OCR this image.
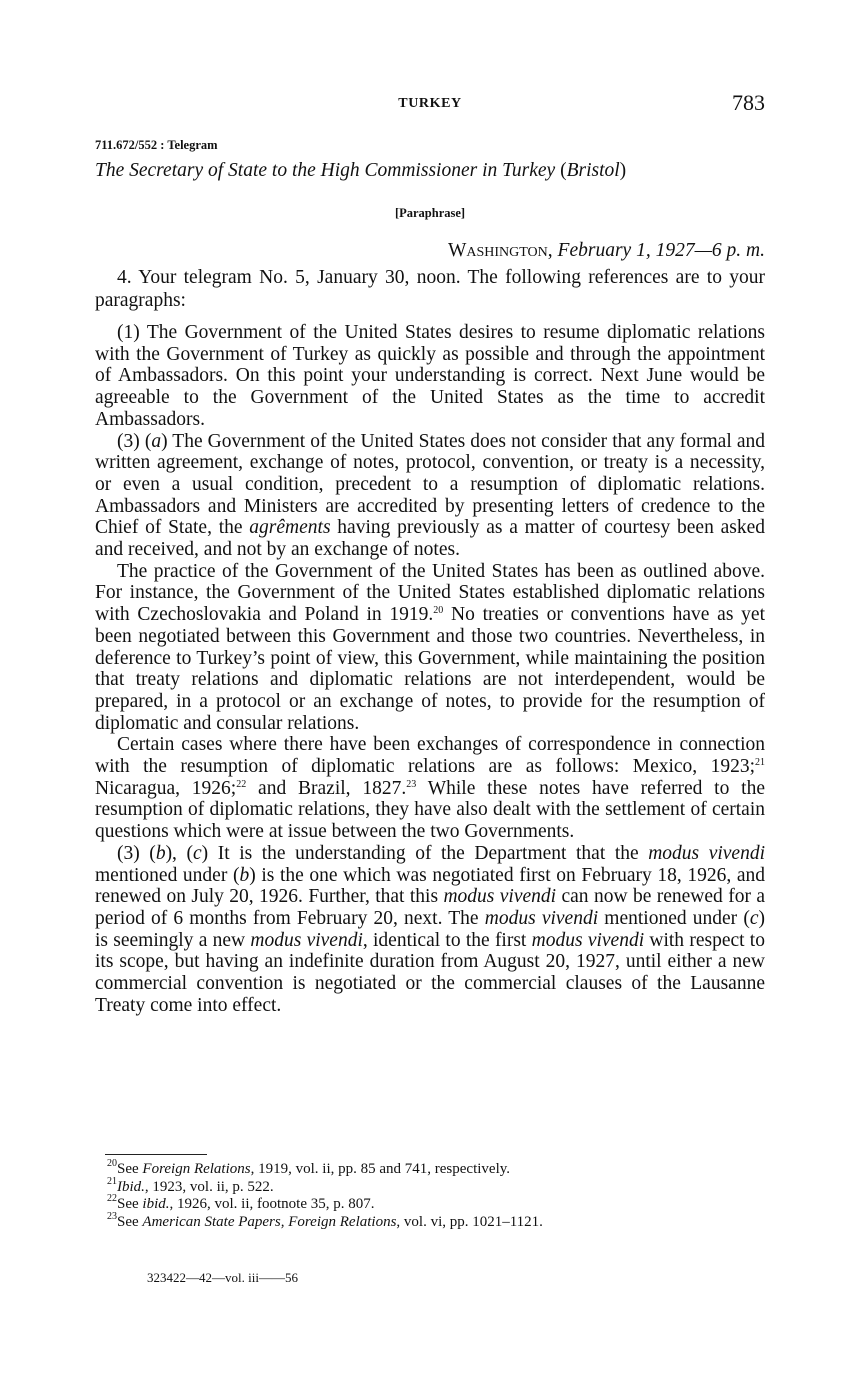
TURKEY	783
711.672/552 : Telegram
The Secretary of State to the High Commissioner in Turkey (Bristol)
[Paraphrase]
Washington, February 1, 1927—6 p. m.

4. Your telegram No. 5, January 30, noon. The following references are to your paragraphs:

(1) The Government of the United States desires to resume diplomatic relations with the Government of Turkey as quickly as possible and through the appointment of Ambassadors. On this point your understanding is correct. Next June would be agreeable to the Government of the United States as the time to accredit Ambassadors.

(3) (a) The Government of the United States does not consider that any formal and written agreement, exchange of notes, protocol, convention, or treaty is a necessity, or even a usual condition, precedent to a resumption of diplomatic relations. Ambassadors and Ministers are accredited by presenting letters of credence to the Chief of State, the agrêments having previously as a matter of courtesy been asked and received, and not by an exchange of notes.

The practice of the Government of the United States has been as outlined above. For instance, the Government of the United States established diplomatic relations with Czechoslovakia and Poland in 1919.20 No treaties or conventions have as yet been negotiated between this Government and those two countries. Nevertheless, in deference to Turkey’s point of view, this Government, while maintaining the position that treaty relations and diplomatic relations are not interdependent, would be prepared, in a protocol or an exchange of notes, to provide for the resumption of diplomatic and consular relations.

Certain cases where there have been exchanges of correspondence in connection with the resumption of diplomatic relations are as follows: Mexico, 1923;$^{21}$ Nicaragua, 1926;$^{22}$ and Brazil, 1827.23 While these notes have referred to the resumption of diplomatic relations, they have also dealt with the settlement of certain questions which were at issue between the two Governments.

(3) (b), (c) It is the understanding of the Department that the modus vivendi mentioned under (b) is the one which was negotiated first on February 18, 1926, and renewed on July 20, 1926. Further, that this modus vivendi can now be renewed for a period of 6 months from February 20, next. The modus vivendi mentioned under (c) is seemingly a new modus vivendi, identical to the first modus vivendi with respect to its scope, but having an indefinite duration from August 20, 1927, until either a new commercial convention is negotiated or the commercial clauses of the Lausanne Treaty come into effect.

$^{20}$See Foreign Relations, 1919, vol. ii, pp. 85 and 741, respectively.
$^{21}$Ibid., 1923, vol. ii, p. 522.
$^{22}$See ibid., 1926, vol. ii, footnote 35, p. 807.
$^{23}$See American State Papers, Foreign Relations, vol. vi, pp. 1021–1121.
323422—42—vol. iii——56
